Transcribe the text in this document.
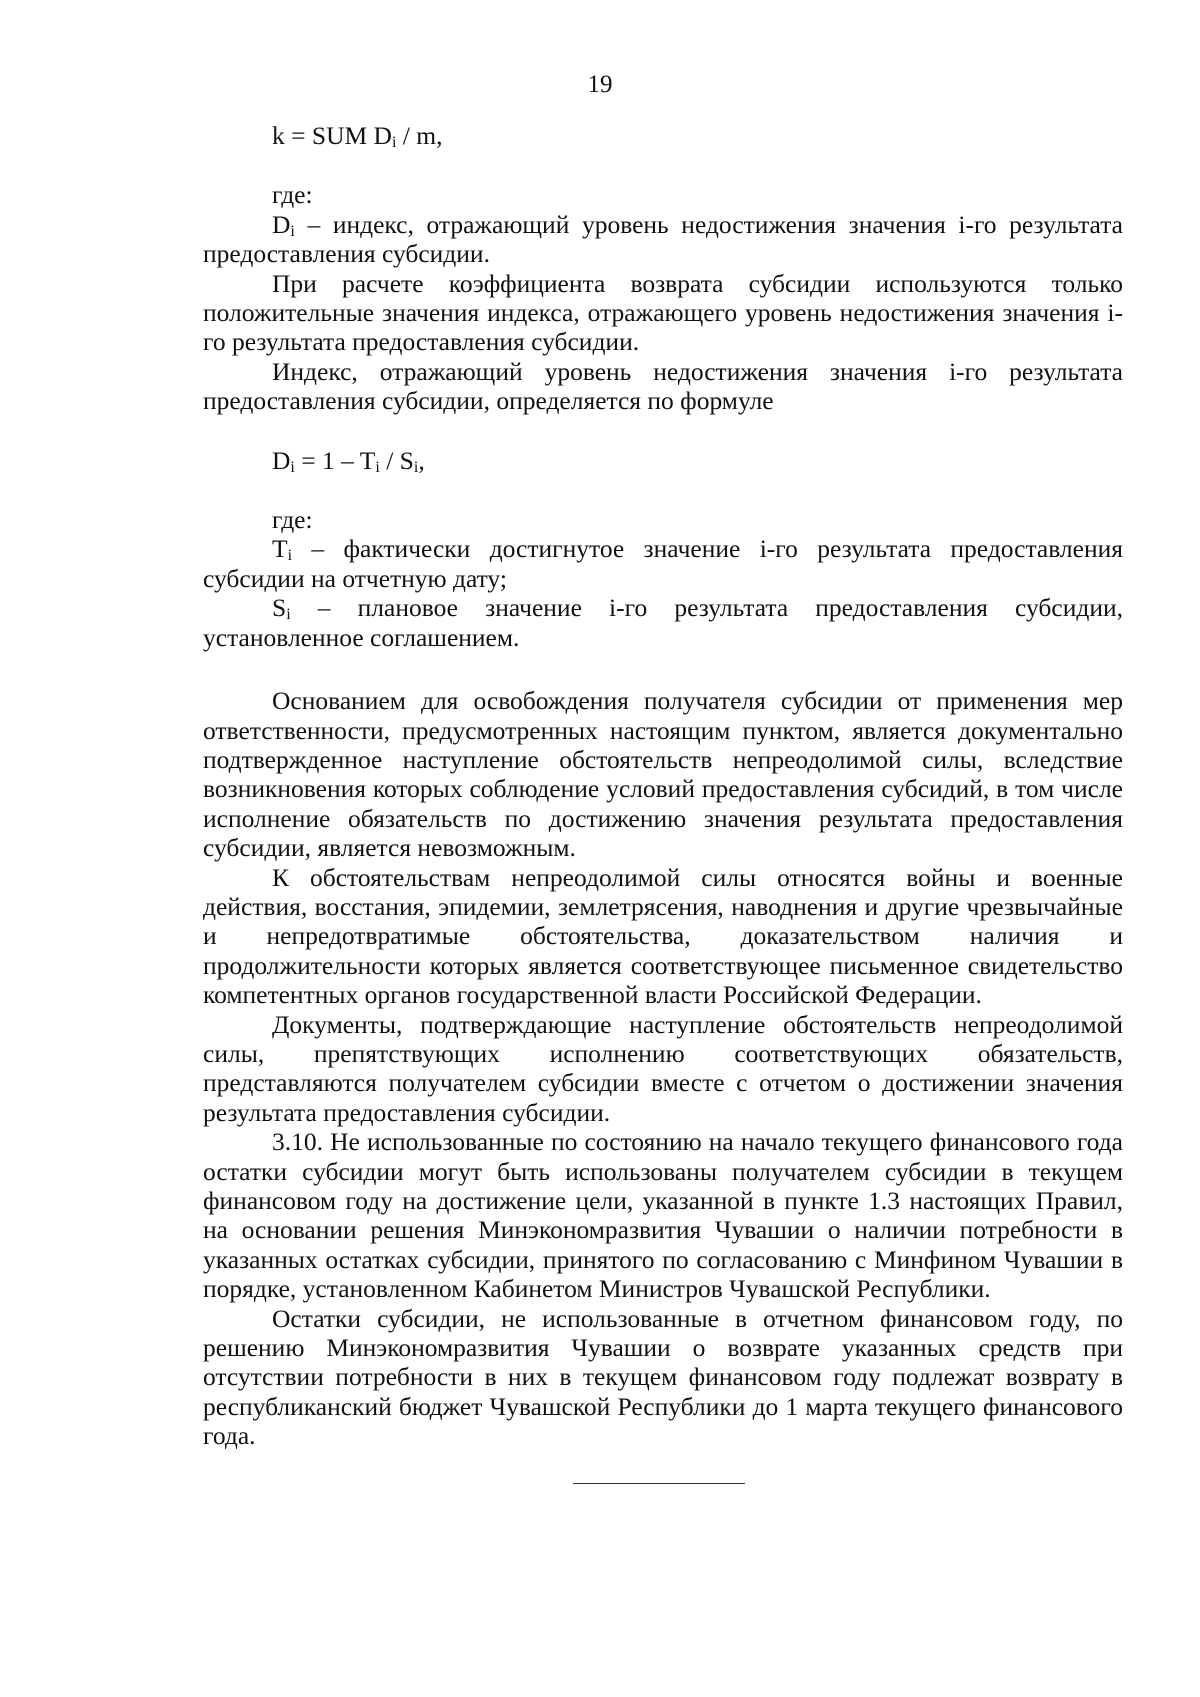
19

k = SUM $D_i$ / m,

где:

$D_i$ – индекс, отражающий уровень недостижения значения i-го результата предоставления субсидии.

При расчете коэффициента возврата субсидии используются только положительные значения индекса, отражающего уровень недостижения значения i-го результата предоставления субсидии.

Индекс, отражающий уровень недостижения значения i-го результата предоставления субсидии, определяется по формуле

$D_i = 1 - T_i / S_i$,

где:

$T_i$ – фактически достигнутое значение i-го результата предоставления субсидии на отчетную дату;

$S_i$ – плановое значение i-го результата предоставления субсидии, установленное соглашением.

Основанием для освобождения получателя субсидии от применения мер ответственности, предусмотренных настоящим пунктом, является документально подтвержденное наступление обстоятельств непреодолимой силы, вследствие возникновения которых соблюдение условий предоставления субсидий, в том числе исполнение обязательств по достижению значения результата предоставления субсидии, является невозможным.

К обстоятельствам непреодолимой силы относятся войны и военные действия, восстания, эпидемии, землетрясения, наводнения и другие чрезвычайные и непредотвратимые обстоятельства, доказательством наличия и продолжительности которых является соответствующее письменное свидетельство компетентных органов государственной власти Российской Федерации.

Документы, подтверждающие наступление обстоятельств непреодолимой силы, препятствующих исполнению соответствующих обязательств, представляются получателем субсидии вместе с отчетом о достижении значения результата предоставления субсидии.

3.10. Не использованные по состоянию на начало текущего финансового года остатки субсидии могут быть использованы получателем субсидии в текущем финансовом году на достижение цели, указанной в пункте 1.3 настоящих Правил, на основании решения Минэкономразвития Чувашии о наличии потребности в указанных остатках субсидии, принятого по согласованию с Минфином Чувашии в порядке, установленном Кабинетом Министров Чувашской Республики.

Остатки субсидии, не использованные в отчетном финансовом году, по решению Минэкономразвития Чувашии о возврате указанных средств при отсутствии потребности в них в текущем финансовом году подлежат возврату в республиканский бюджет Чувашской Республики до 1 марта текущего финансового года.
